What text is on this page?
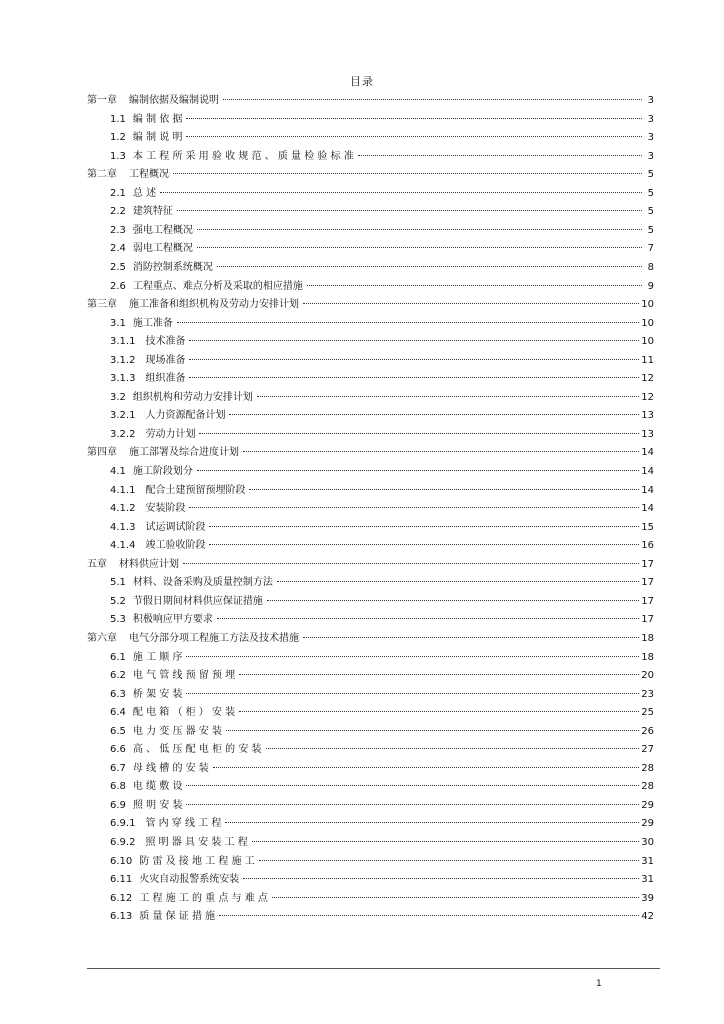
目录
第一章 编制依据及编制说明	3
1.1 编 制 依 据	3
1.2 编 制 说 明	3
1.3 本 工 程 所 采 用 验 收 规 范 、 质 量 检 验 标 准	3
第二章 工程概况	5
2.1 总 述	5
2.2 建筑特征	5
2.3 强电工程概况	5
2.4 弱电工程概况	7
2.5 消防控制系统概况	8
2.6 工程重点、难点分析及采取的相应措施	9
第三章 施工准备和组织机构及劳动力安排计划	10
3.1 施工准备	10
3.1.1 技术准备	10
3.1.2 现场准备	11
3.1.3 组织准备	12
3.2 组织机构和劳动力安排计划	12
3.2.1 人力资源配备计划	13
3.2.2 劳动力计划	13
第四章 施工部署及综合进度计划	14
4.1 施工阶段划分	14
4.1.1 配合土建预留预埋阶段	14
4.1.2 安装阶段	14
4.1.3 试运调试阶段	15
4.1.4 竣工验收阶段	16
五章 材料供应计划	17
5.1 材料、设备采购及质量控制方法	17
5.2 节假日期间材料供应保证措施	17
5.3 积极响应甲方要求	17
第六章 电气分部分项工程施工方法及技术措施	18
6.1 施 工 顺 序	18
6.2 电 气 管 线 预 留 预 埋	20
6.3 桥 架 安 装	23
6.4 配 电 箱 （ 柜 ） 安 装	25
6.5 电 力 变 压 器 安 装	26
6.6 高 、 低 压 配 电 柜 的 安 装	27
6.7 母 线 槽 的 安 装	28
6.8 电 缆 敷 设	28
6.9 照 明 安 装	29
6.9.1 管 内 穿 线 工 程	29
6.9.2 照 明 器 具 安 装 工 程	30
6.10 防 雷 及 接 地 工 程 施 工	31
6.11 火灾自动报警系统安装	31
6.12 工 程 施 工 的 重 点 与 难 点	39
6.13 质 量 保 证 措 施	42
1
